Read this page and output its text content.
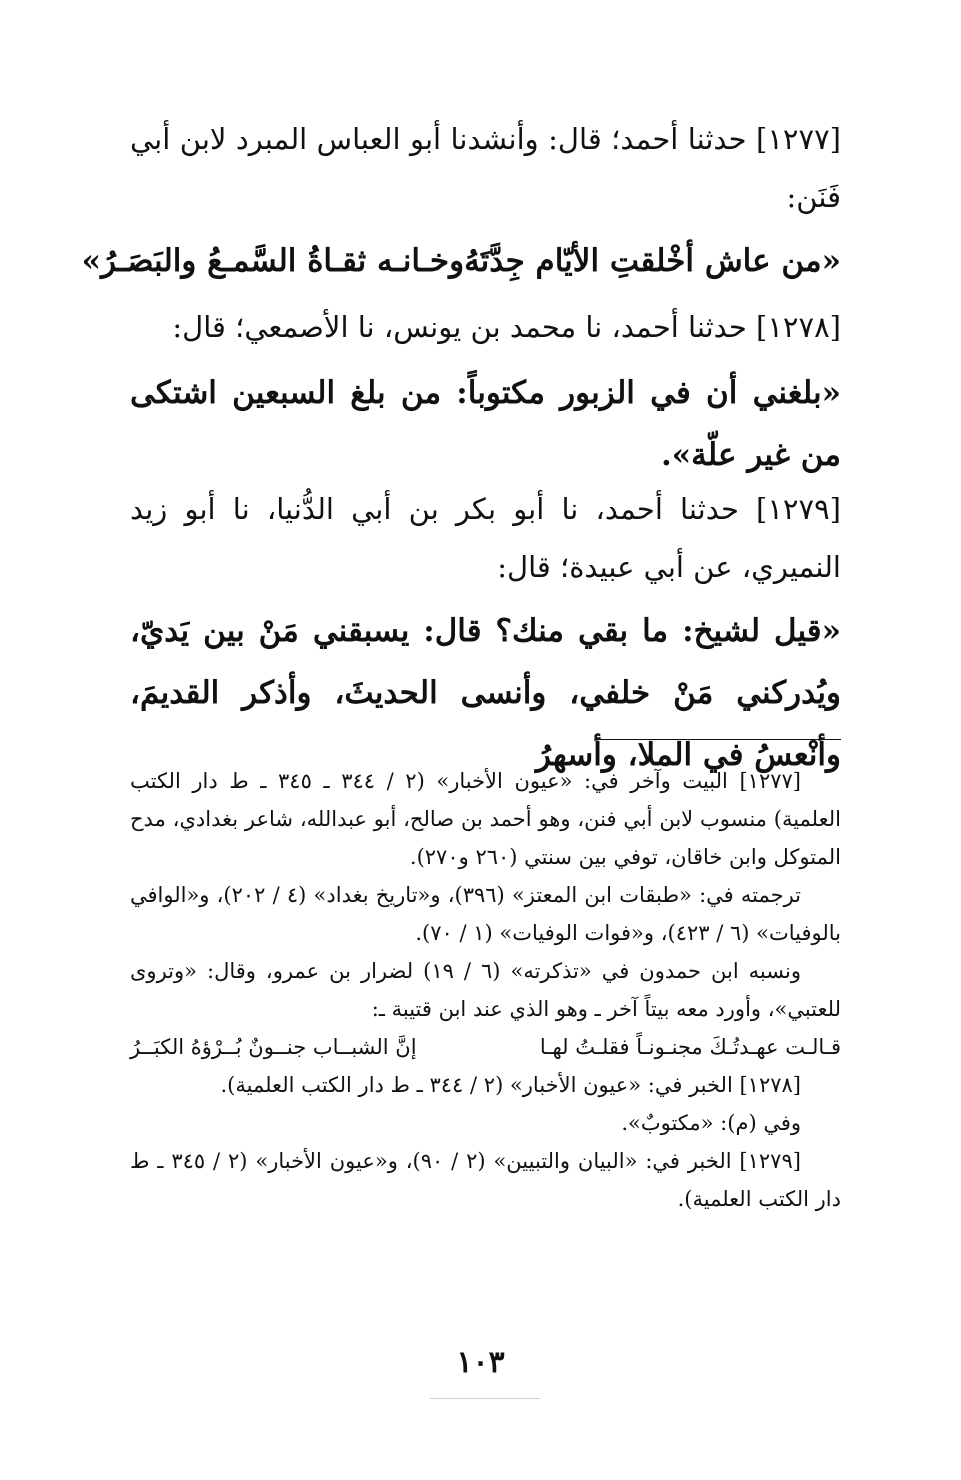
[١٢٧٧] حدثنا أحمد؛ قال: وأنشدنا أبو العباس المبرد لابن أبي فَنَن:
«من عاش أخْلقتِ الأيّام جِدَّتَهُ
وخـانـه ثقـاةُ السَّمـعُ والبَصَـرُ»
[١٢٧٨] حدثنا أحمد، نا محمد بن يونس، نا الأصمعي؛ قال:
«بلغني أن في الزبور مكتوباً: من بلغ السبعين اشتكى من غير علّة».
[١٢٧٩] حدثنا أحمد، نا أبو بكر بن أبي الدُّنيا، نا أبو زيد النميري، عن أبي عبيدة؛ قال:
«قيل لشيخ: ما بقي منك؟ قال: يسبقني مَنْ بين يَديّ، ويُدركني مَنْ خلفي، وأنسى الحديثَ، وأذكر القديمَ، وأنْعسُ في الملا، وأسهرُ

[١٢٧٧] البيت وآخر في: «عيون الأخبار» (٢ / ٣٤٤ ـ ٣٤٥ ـ ط دار الكتب العلمية) منسوب لابن أبي فنن، وهو أحمد بن صالح، أبو عبدالله، شاعر بغدادي، مدح المتوكل وابن خاقان، توفي بين سنتي (٢٦٠ و٢٧٠).

ترجمته في: «طبقات ابن المعتز» (٣٩٦)، و«تاريخ بغداد» (٤ / ٢٠٢)، و«الوافي بالوفيات» (٦ / ٤٢٣)، و«فوات الوفيات» (١ / ٧٠).

ونسبه ابن حمدون في «تذكرته» (٦ / ١٩) لضرار بن عمرو، وقال: «وتروى للعتبي»، وأورد معه بيتاً آخر ـ وهو الذي عند ابن قتيبة ـ:

قـالـت عهـدتُـكَ مجنـونـاً فقلـتُ لهـا
إنَّ الشبــاب جنــونٌ بُــرْؤهُ الكبَــرُ

[١٢٧٨] الخبر في: «عيون الأخبار» (٢ / ٣٤٤ ـ ط دار الكتب العلمية).

وفي (م): «مكتوبٌ».

[١٢٧٩] الخبر في: «البيان والتبيين» (٢ / ٩٠)، و«عيون الأخبار» (٢ / ٣٤٥ ـ ط دار الكتب العلمية).

١٠٣
